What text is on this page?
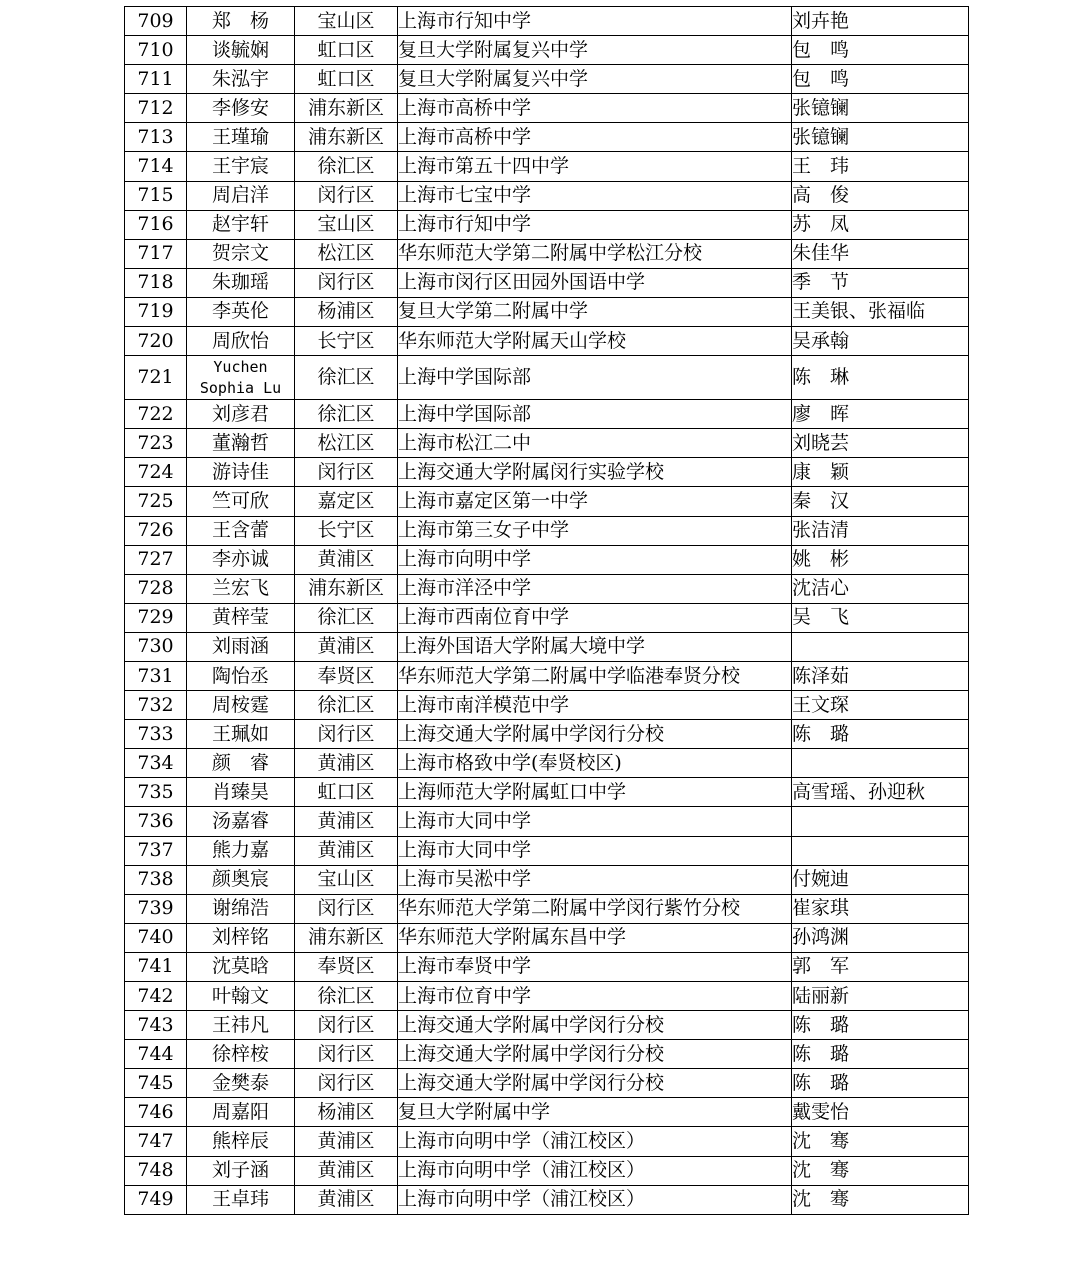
709	郑　杨	宝山区	上海市行知中学	刘卉艳
710	谈毓娴	虹口区	复旦大学附属复兴中学	包　鸣
711	朱泓宇	虹口区	复旦大学附属复兴中学	包　鸣
712	李修安	浦东新区	上海市高桥中学	张镱镧
713	王瑾瑜	浦东新区	上海市高桥中学	张镱镧
714	王宇宸	徐汇区	上海市第五十四中学	王　玮
715	周启洋	闵行区	上海市七宝中学	高　俊
716	赵宇轩	宝山区	上海市行知中学	苏　凤
717	贺宗文	松江区	华东师范大学第二附属中学松江分校	朱佳华
718	朱珈瑶	闵行区	上海市闵行区田园外国语中学	季　节
719	李英伦	杨浦区	复旦大学第二附属中学	王美银、张福临
720	周欣怡	长宁区	华东师范大学附属天山学校	吴承翰
721	Yuchen Sophia Lu	徐汇区	上海中学国际部	陈　琳
722	刘彦君	徐汇区	上海中学国际部	廖　晖
723	董瀚哲	松江区	上海市松江二中	刘晓芸
724	游诗佳	闵行区	上海交通大学附属闵行实验学校	康　颖
725	竺可欣	嘉定区	上海市嘉定区第一中学	秦　汉
726	王含蕾	长宁区	上海市第三女子中学	张洁清
727	李亦诚	黄浦区	上海市向明中学	姚　彬
728	兰宏飞	浦东新区	上海市洋泾中学	沈洁心
729	黄梓莹	徐汇区	上海市西南位育中学	吴　飞
730	刘雨涵	黄浦区	上海外国语大学附属大境中学	
731	陶怡丞	奉贤区	华东师范大学第二附属中学临港奉贤分校	陈泽茹
732	周桉霆	徐汇区	上海市南洋模范中学	王文琛
733	王珮如	闵行区	上海交通大学附属中学闵行分校	陈　璐
734	颜　睿	黄浦区	上海市格致中学(奉贤校区)	
735	肖臻昊	虹口区	上海师范大学附属虹口中学	高雪瑶、孙迎秋
736	汤嘉睿	黄浦区	上海市大同中学	
737	熊力嘉	黄浦区	上海市大同中学	
738	颜奥宸	宝山区	上海市吴淞中学	付婉迪
739	谢绵浩	闵行区	华东师范大学第二附属中学闵行紫竹分校	崔家琪
740	刘梓铭	浦东新区	华东师范大学附属东昌中学	孙鸿渊
741	沈莫晗	奉贤区	上海市奉贤中学	郭　军
742	叶翰文	徐汇区	上海市位育中学	陆丽新
743	王祎凡	闵行区	上海交通大学附属中学闵行分校	陈　璐
744	徐梓桉	闵行区	上海交通大学附属中学闵行分校	陈　璐
745	金樊泰	闵行区	上海交通大学附属中学闵行分校	陈　璐
746	周嘉阳	杨浦区	复旦大学附属中学	戴雯怡
747	熊梓辰	黄浦区	上海市向明中学（浦江校区）	沈　骞
748	刘子涵	黄浦区	上海市向明中学（浦江校区）	沈　骞
749	王卓玮	黄浦区	上海市向明中学（浦江校区）	沈　骞
